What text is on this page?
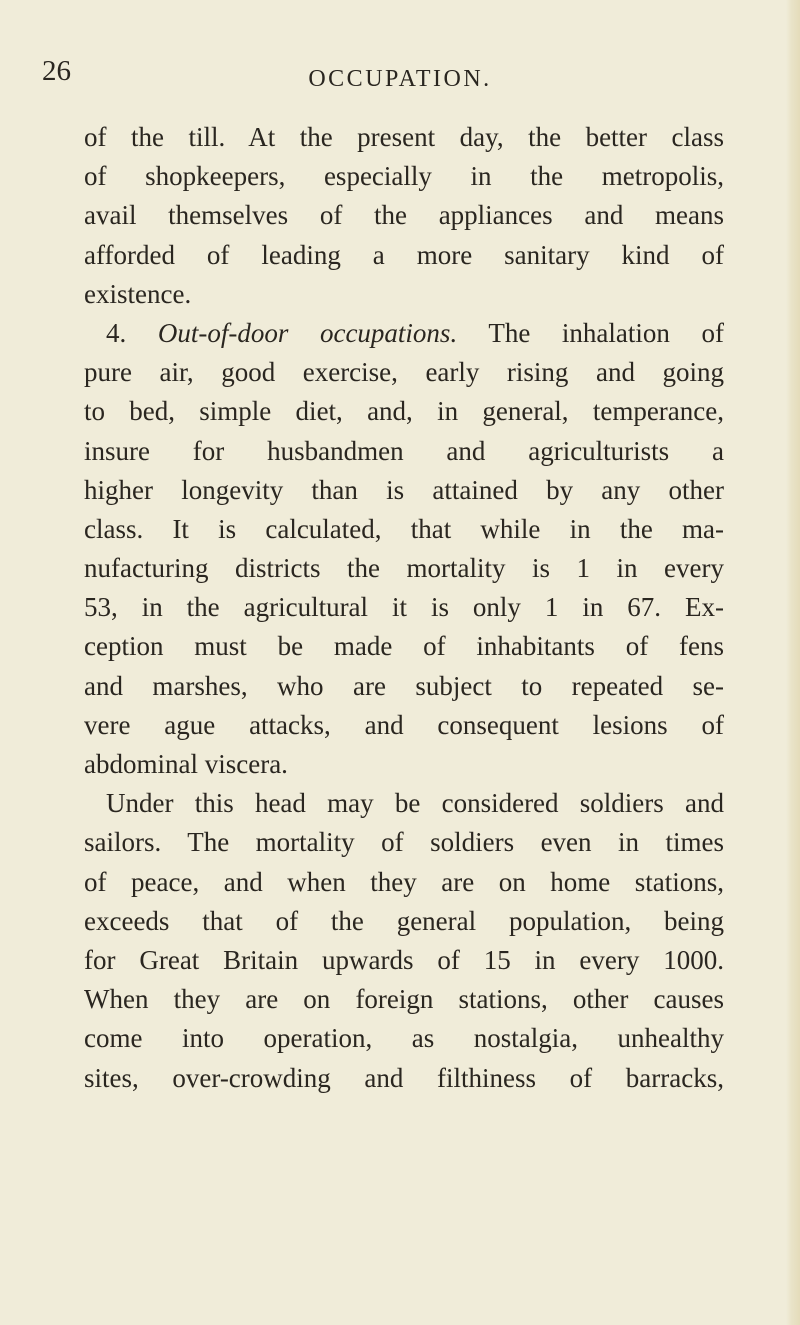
26	OCCUPATION.
of the till. At the present day, the better class
of shopkeepers, especially in the metropolis,
avail themselves of the appliances and means
afforded of leading a more sanitary kind of
existence.
4. Out-of-door occupations. The inhalation of
pure air, good exercise, early rising and going
to bed, simple diet, and, in general, temperance,
insure for husbandmen and agriculturists a
higher longevity than is attained by any other
class. It is calculated, that while in the ma-
nufacturing districts the mortality is 1 in every
53, in the agricultural it is only 1 in 67. Ex-
ception must be made of inhabitants of fens
and marshes, who are subject to repeated se-
vere ague attacks, and consequent lesions of
abdominal viscera.
Under this head may be considered soldiers and
sailors. The mortality of soldiers even in times
of peace, and when they are on home stations,
exceeds that of the general population, being
for Great Britain upwards of 15 in every 1000.
When they are on foreign stations, other causes
come into operation, as nostalgia, unhealthy
sites, over-crowding and filthiness of barracks,
